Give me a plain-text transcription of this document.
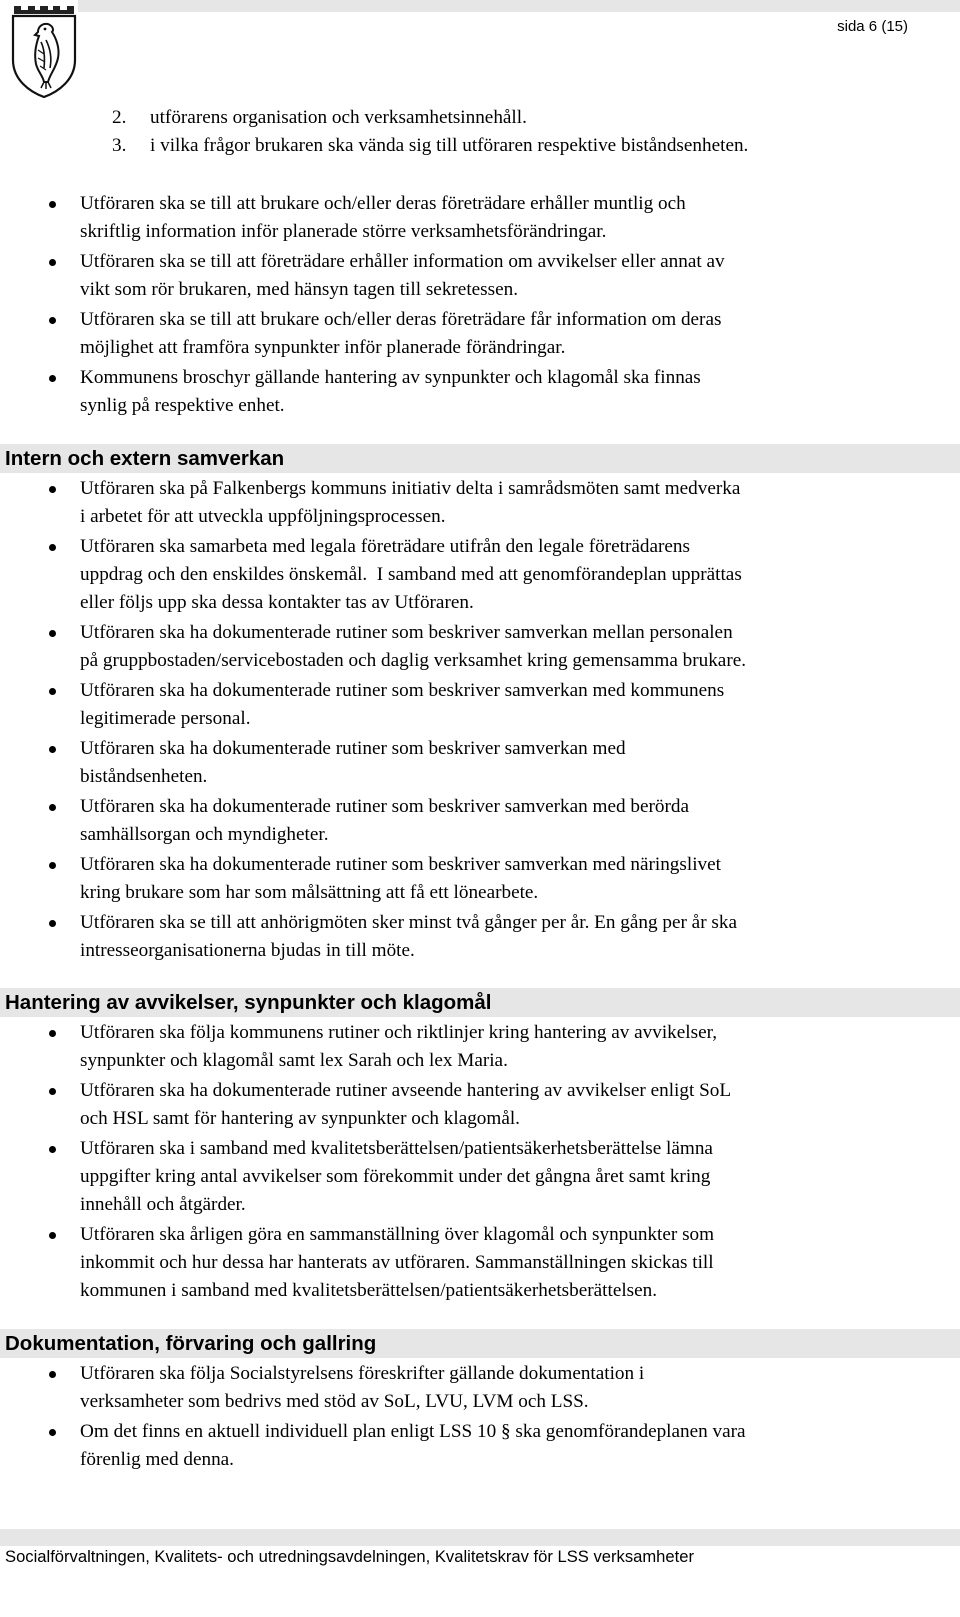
sida 6 (15)
2. utförarens organisation och verksamhetsinnehåll.
3. i vilka frågor brukaren ska vända sig till utföraren respektive biståndsenheten.
Utföraren ska se till att brukare och/eller deras företrädare erhåller muntlig och
skriftlig information inför planerade större verksamhetsförändringar.
Utföraren ska se till att företrädare erhåller information om avvikelser eller annat av
vikt som rör brukaren, med hänsyn tagen till sekretessen.
Utföraren ska se till att brukare och/eller deras företrädare får information om deras
möjlighet att framföra synpunkter inför planerade förändringar.
Kommunens broschyr gällande hantering av synpunkter och klagomål ska finnas
synlig på respektive enhet.
Intern och extern samverkan
Utföraren ska på Falkenbergs kommuns initiativ delta i samrådsmöten samt medverka
i arbetet för att utveckla uppföljningsprocessen.
Utföraren ska samarbeta med legala företrädare utifrån den legale företrädarens
uppdrag och den enskildes önskemål.  I samband med att genomförandeplan upprättas
eller följs upp ska dessa kontakter tas av Utföraren.
Utföraren ska ha dokumenterade rutiner som beskriver samverkan mellan personalen
på gruppbostaden/servicebostaden och daglig verksamhet kring gemensamma brukare.
Utföraren ska ha dokumenterade rutiner som beskriver samverkan med kommunens
legitimerade personal.
Utföraren ska ha dokumenterade rutiner som beskriver samverkan med
biståndsenheten.
Utföraren ska ha dokumenterade rutiner som beskriver samverkan med berörda
samhällsorgan och myndigheter.
Utföraren ska ha dokumenterade rutiner som beskriver samverkan med näringslivet
kring brukare som har som målsättning att få ett lönearbete.
Utföraren ska se till att anhörigmöten sker minst två gånger per år. En gång per år ska
intresseorganisationerna bjudas in till möte.
Hantering av avvikelser, synpunkter och klagomål
Utföraren ska följa kommunens rutiner och riktlinjer kring hantering av avvikelser,
synpunkter och klagomål samt lex Sarah och lex Maria.
Utföraren ska ha dokumenterade rutiner avseende hantering av avvikelser enligt SoL
och HSL samt för hantering av synpunkter och klagomål.
Utföraren ska i samband med kvalitetsberättelsen/patientsäkerhetsberättelse lämna
uppgifter kring antal avvikelser som förekommit under det gångna året samt kring
innehåll och åtgärder.
Utföraren ska årligen göra en sammanställning över klagomål och synpunkter som
inkommit och hur dessa har hanterats av utföraren. Sammanställningen skickas till
kommunen i samband med kvalitetsberättelsen/patientsäkerhetsberättelsen.
Dokumentation, förvaring och gallring
Utföraren ska följa Socialstyrelsens föreskrifter gällande dokumentation i
verksamheter som bedrivs med stöd av SoL, LVU, LVM och LSS.
Om det finns en aktuell individuell plan enligt LSS 10 § ska genomförandeplanen vara
förenlig med denna.
Socialförvaltningen, Kvalitets- och utredningsavdelningen, Kvalitetskrav för LSS verksamheter
